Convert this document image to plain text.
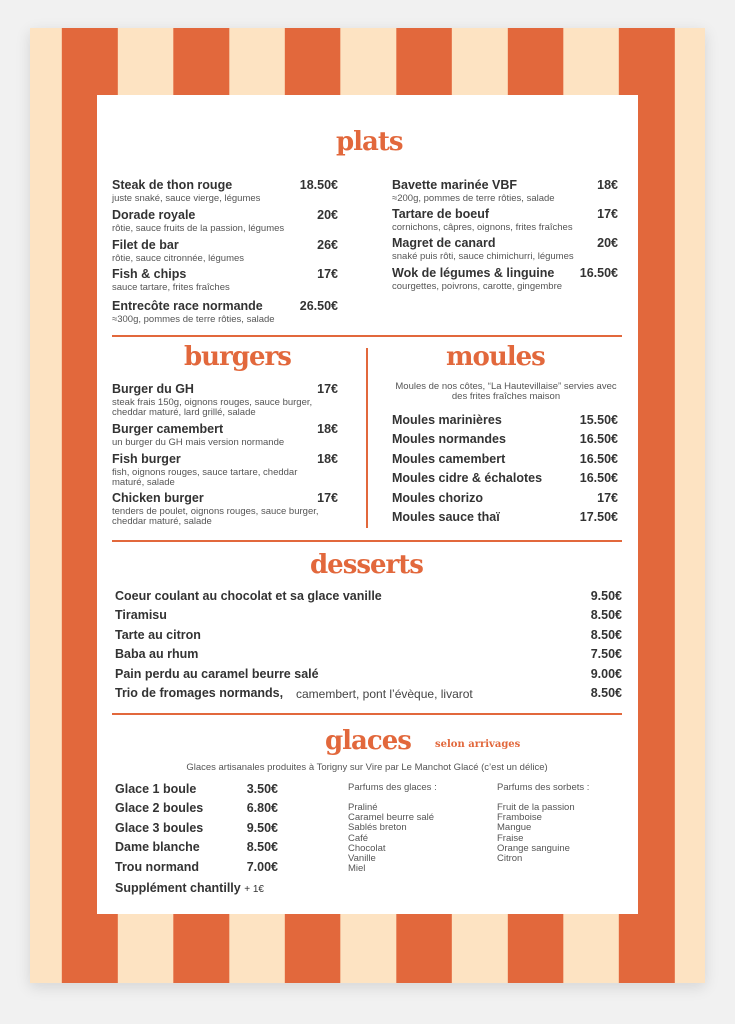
plats
burgers	moules
Moules de nos côtes, “La Hautevillaise” servies avec des frites fraîches maison
desserts
glaces selon arrivages
Glaces artisanales produites à Torigny sur Vire par Le Manchot Glacé (c’est un délice)
Supplément chantilly + 1€
Parfums des glaces :	Parfums des sorbets :
Steak de thon rouge	18.50€
juste snaké, sauce vierge, légumes
Dorade royale	20€
rôtie, sauce fruits de la passion, légumes
Filet de bar	26€
rôtie, sauce citronnée, légumes
Fish & chips	17€
sauce tartare, frites fraîches
Entrecôte race normande	26.50€
≈300g, pommes de terre rôties, salade
Bavette marinée VBF	18€
≈200g, pommes de terre rôties, salade
Tartare de boeuf	17€
cornichons, câpres, oignons, frites fraîches
Magret de canard	20€
snaké puis rôti, sauce chimichurri, légumes
Wok de légumes & linguine	16.50€
courgettes, poivrons, carotte, gingembre
Burger du GH	17€
steak frais 150g, oignons rouges, sauce burger, cheddar maturé, lard grillé, salade
Burger camembert	18€
un burger du GH mais version normande
Fish burger	18€
fish, oignons rouges, sauce tartare, cheddar maturé, salade
Chicken burger	17€
tenders de poulet, oignons rouges, sauce burger, cheddar maturé, salade
Moules marinières	15.50€
Moules normandes	16.50€
Moules camembert	16.50€
Moules cidre & échalotes	16.50€
Moules chorizo	17€
Moules sauce thaï	17.50€
Coeur coulant au chocolat et sa glace vanille	9.50€
Tiramisu	8.50€
Tarte au citron	8.50€
Baba au rhum	7.50€
Pain perdu au caramel beurre salé	9.00€
Trio de fromages normands, camembert, pont l’évèque, livarot	8.50€
Glace 1 boule	3.50€
Glace 2 boules	6.80€
Glace 3 boules	9.50€
Dame blanche	8.50€
Trou normand	7.00€
Praliné
Caramel beurre salé
Sablés breton
Café
Chocolat
Vanille
Miel
Fruit de la passion
Framboise
Mangue
Fraise
Orange sanguine
Citron
